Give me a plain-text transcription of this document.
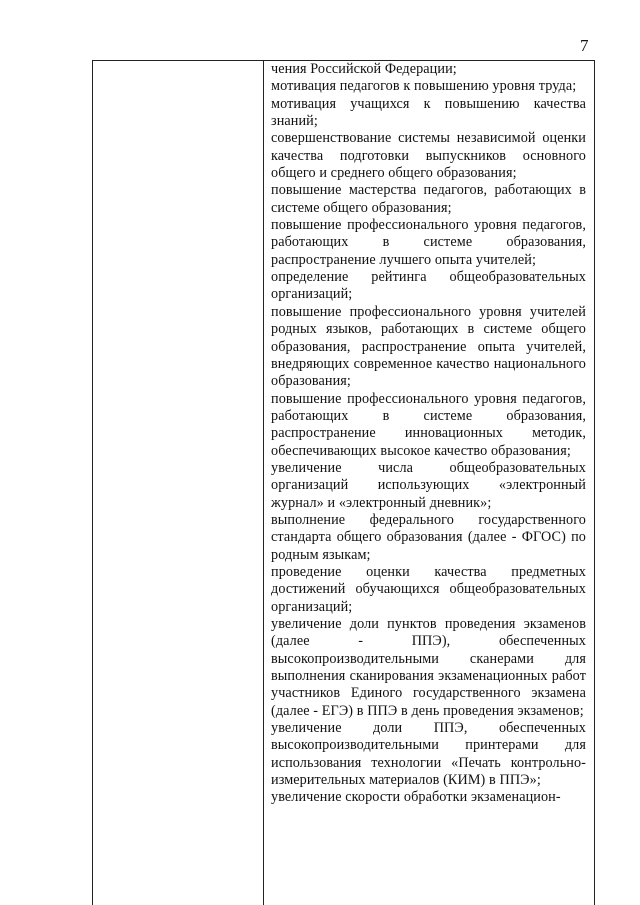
7

чения Российской Федерации;

мотивация педагогов к повышению уровня труда;

мотивация учащихся к повышению качества знаний;

совершенствование системы независимой оценки качества подготовки выпускников основного общего и среднего общего образования;

повышение мастерства педагогов, работающих в системе общего образования;

повышение профессионального уровня педагогов, работающих в системе образования, распространение лучшего опыта учителей;

определение рейтинга общеобразовательных организаций;

повышение профессионального уровня учителей родных языков, работающих в системе общего образования, распространение опыта учителей, внедряющих современное качество национального образования;

повышение профессионального уровня педагогов, работающих в системе образования, распространение инновационных методик, обеспечивающих высокое качество образования;

увеличение числа общеобразовательных организаций использующих «электронный журнал» и «электронный дневник»;

выполнение федерального государственного стандарта общего образования (далее - ФГОС) по родным языкам;

проведение оценки качества предметных достижений обучающихся общеобразовательных организаций;

увеличение доли пунктов проведения экзаменов (далее - ППЭ), обеспеченных высокопроизводительными сканерами для выполнения сканирования экзаменационных работ участников Единого государственного экзамена (далее - ЕГЭ) в ППЭ в день проведения экзаменов;

увеличение доли ППЭ, обеспеченных высокопроизводительными принтерами для использования технологии «Печать контрольно-измерительных материалов (КИМ) в ППЭ»;

увеличение скорости обработки экзаменацион-
